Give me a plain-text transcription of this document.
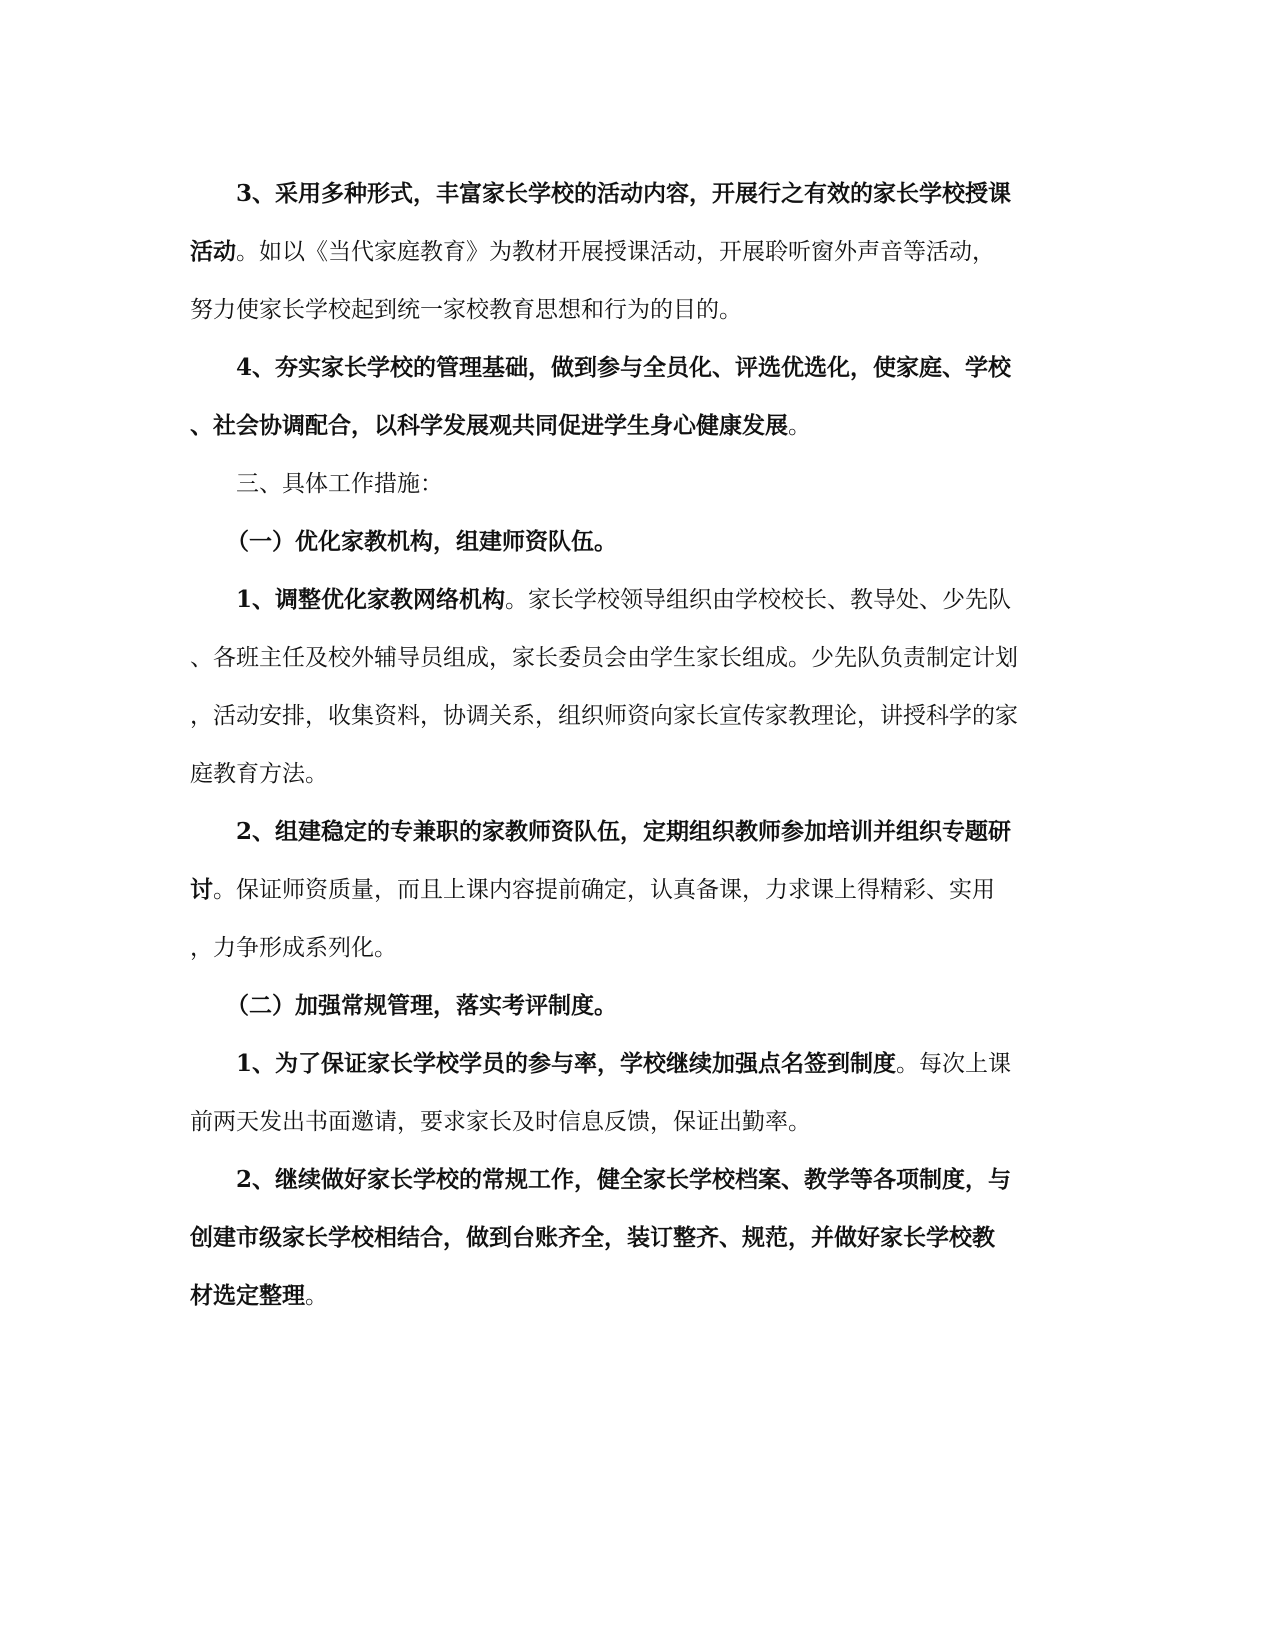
3、采用多种形式，丰富家长学校的活动内容，开展行之有效的家长学校授课
活动。如以《当代家庭教育》为教材开展授课活动，开展聆听窗外声音等活动，
努力使家长学校起到统一家校教育思想和行为的目的。
4、夯实家长学校的管理基础，做到参与全员化、评选优选化，使家庭、学校
、社会协调配合，以科学发展观共同促进学生身心健康发展。
三、具体工作措施：
（一）优化家教机构，组建师资队伍。
1、调整优化家教网络机构。家长学校领导组织由学校校长、教导处、少先队
、各班主任及校外辅导员组成，家长委员会由学生家长组成。少先队负责制定计划
，活动安排，收集资料，协调关系，组织师资向家长宣传家教理论，讲授科学的家
庭教育方法。
2、组建稳定的专兼职的家教师资队伍，定期组织教师参加培训并组织专题研
讨。保证师资质量，而且上课内容提前确定，认真备课，力求课上得精彩、实用
，力争形成系列化。
（二）加强常规管理，落实考评制度。
1、为了保证家长学校学员的参与率，学校继续加强点名签到制度。每次上课
前两天发出书面邀请，要求家长及时信息反馈，保证出勤率。
2、继续做好家长学校的常规工作，健全家长学校档案、教学等各项制度，与
创建市级家长学校相结合，做到台账齐全，装订整齐、规范，并做好家长学校教
材选定整理。
